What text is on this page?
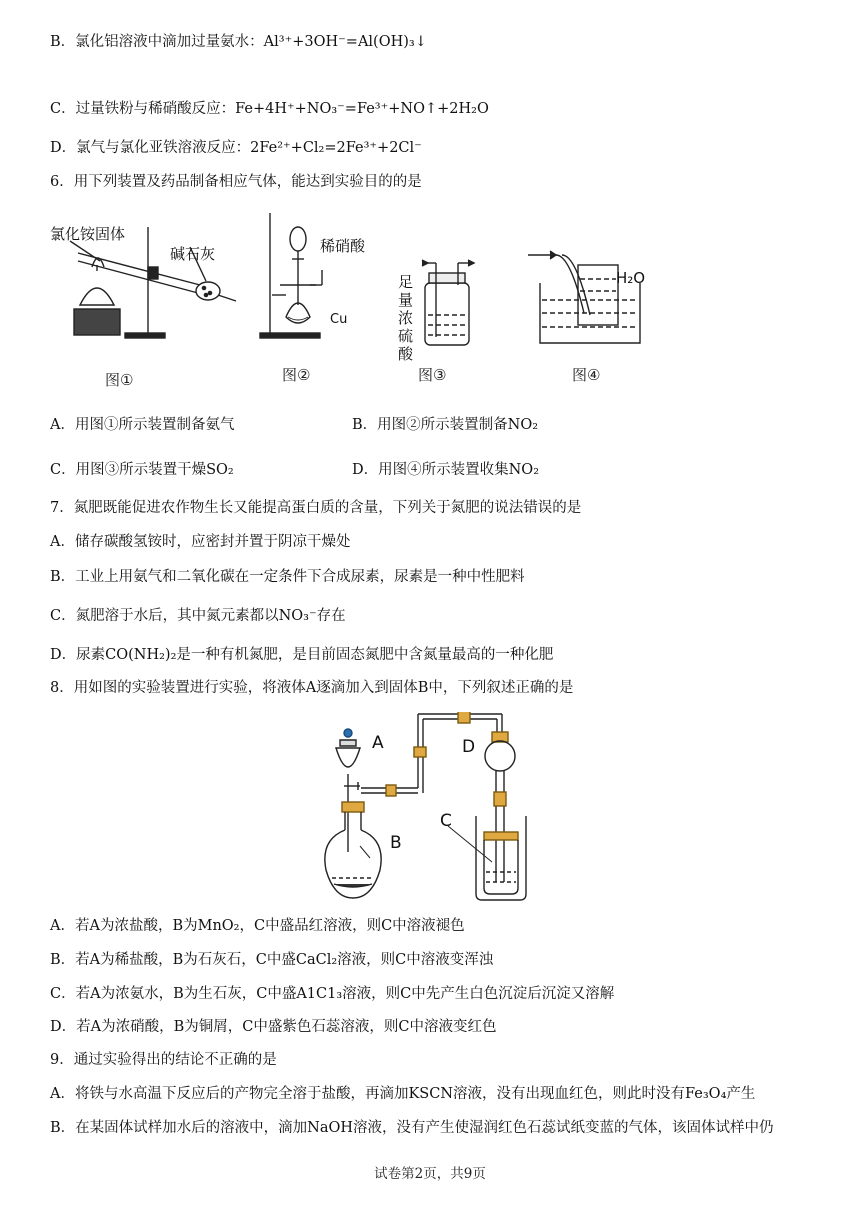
B．氯化铝溶液中滴加过量氨水：Al³⁺+3OH⁻=Al(OH)₃↓
C．过量铁粉与稀硝酸反应：Fe+4H⁺+NO₃⁻=Fe³⁺+NO↑+2H₂O
D．氯气与氯化亚铁溶液反应：2Fe²⁺+Cl₂=2Fe³⁺+2Cl⁻
6．用下列装置及药品制备相应气体，能达到实验目的的是
氯化铵固体
碱石灰	稀硝酸
Cu
足量浓硫酸
H₂O
图①	图②	图③	图④
A．用图①所示装置制备氨气	B．用图②所示装置制备NO₂
C．用图③所示装置干燥SO₂	D．用图④所示装置收集NO₂
7．氮肥既能促进农作物生长又能提高蛋白质的含量，下列关于氮肥的说法错误的是
A．储存碳酸氢铵时，应密封并置于阴凉干燥处
B．工业上用氨气和二氧化碳在一定条件下合成尿素，尿素是一种中性肥料
C．氮肥溶于水后，其中氮元素都以NO₃⁻存在
D．尿素CO(NH₂)₂是一种有机氮肥，是目前固态氮肥中含氮量最高的一种化肥
8．用如图的实验装置进行实验，将液体A逐滴加入到固体B中，下列叙述正确的是
A
B
C
D
A．若A为浓盐酸，B为MnO₂，C中盛品红溶液，则C中溶液褪色
B．若A为稀盐酸，B为石灰石，C中盛CaCl₂溶液，则C中溶液变浑浊
C．若A为浓氨水，B为生石灰，C中盛A1C1₃溶液，则C中先产生白色沉淀后沉淀又溶解
D．若A为浓硝酸，B为铜屑，C中盛紫色石蕊溶液，则C中溶液变红色
9．通过实验得出的结论不正确的是
A．将铁与水高温下反应后的产物完全溶于盐酸，再滴加KSCN溶液，没有出现血红色，则此时没有Fe₃O₄产生
B．在某固体试样加水后的溶液中，滴加NaOH溶液，没有产生使湿润红色石蕊试纸变蓝的气体，该固体试样中仍
试卷第2页，共9页
